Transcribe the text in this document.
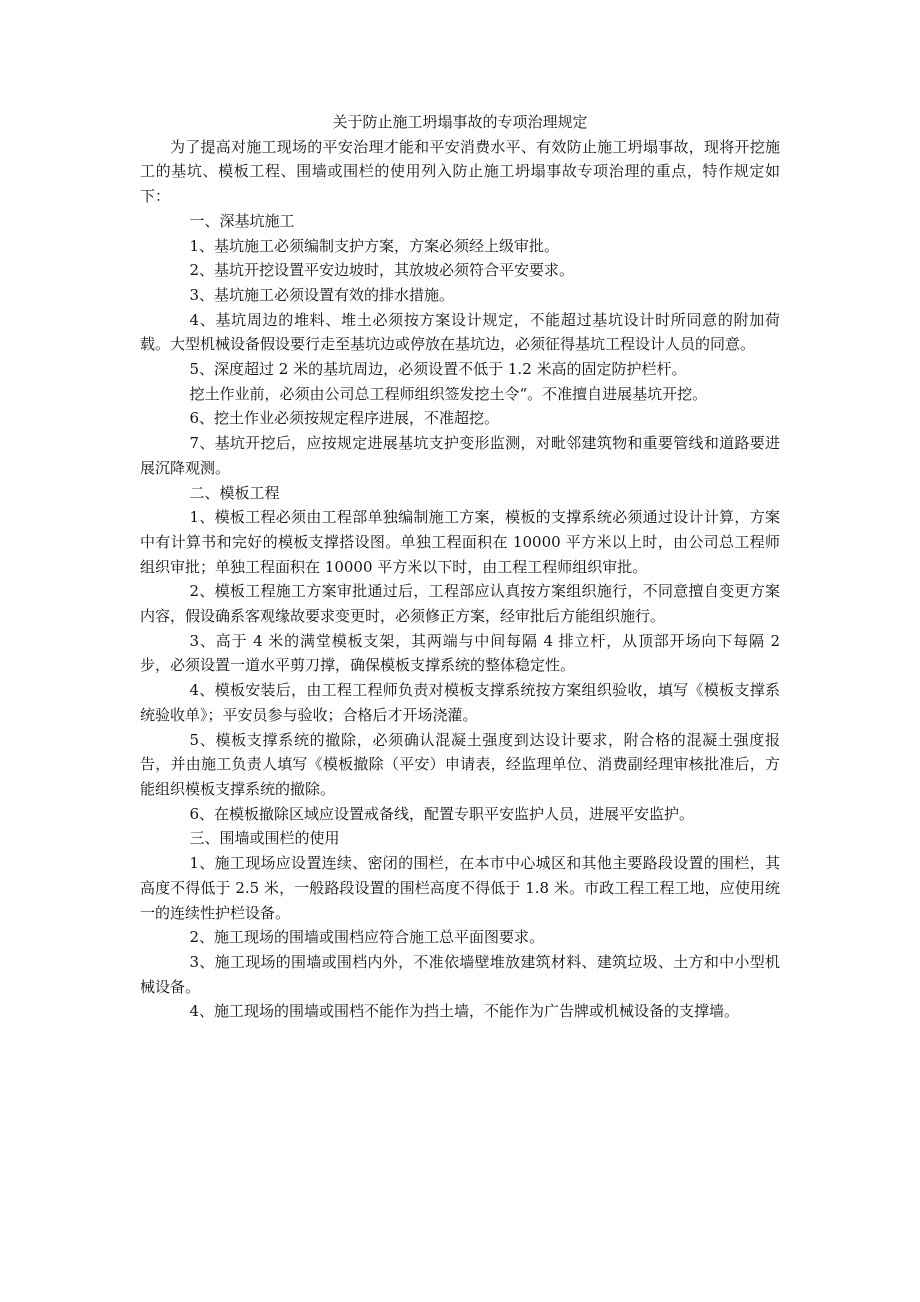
关于防止施工坍塌事故的专项治理规定

为了提高对施工现场的平安治理才能和平安消费水平、有效防止施工坍塌事故，现将开挖施工的基坑、模板工程、围墙或围栏的使用列入防止施工坍塌事故专项治理的重点，特作规定如下：

一、深基坑施工

1、基坑施工必须编制支护方案，方案必须经上级审批。

2、基坑开挖设置平安边坡时，其放坡必须符合平安要求。

3、基坑施工必须设置有效的排水措施。

4、基坑周边的堆料、堆土必须按方案设计规定，不能超过基坑设计时所同意的附加荷载。大型机械设备假设要行走至基坑边或停放在基坑边，必须征得基坑工程设计人员的同意。

5、深度超过 2 米的基坑周边，必须设置不低于 1.2 米高的固定防护栏杆。

挖土作业前，必须由公司总工程师组织签发挖土令“。不准擅自进展基坑开挖。

6、挖土作业必须按规定程序进展，不准超挖。

7、基坑开挖后，应按规定进展基坑支护变形监测，对毗邻建筑物和重要管线和道路要进展沉降观测。

二、模板工程

1、模板工程必须由工程部单独编制施工方案，模板的支撑系统必须通过设计计算，方案中有计算书和完好的模板支撑搭设图。单独工程面积在 10000 平方米以上时，由公司总工程师组织审批；单独工程面积在 10000 平方米以下时，由工程工程师组织审批。

2、模板工程施工方案审批通过后，工程部应认真按方案组织施行，不同意擅自变更方案内容，假设确系客观缘故要求变更时，必须修正方案，经审批后方能组织施行。

3、高于 4 米的满堂模板支架，其两端与中间每隔 4 排立杆，从顶部开场向下每隔 2 步，必须设置一道水平剪刀撑，确保模板支撑系统的整体稳定性。

4、模板安装后，由工程工程师负责对模板支撑系统按方案组织验收，填写《模板支撑系统验收单》；平安员参与验收；合格后才开场浇灌。

5、模板支撑系统的撤除，必须确认混凝土强度到达设计要求，附合格的混凝土强度报告，并由施工负责人填写《模板撤除（平安）申请表，经监理单位、消费副经理审核批准后，方能组织模板支撑系统的撤除。

6、在模板撤除区域应设置戒备线，配置专职平安监护人员，进展平安监护。

三、围墙或围栏的使用

1、施工现场应设置连续、密闭的围栏，在本市中心城区和其他主要路段设置的围栏，其高度不得低于 2.5 米，一般路段设置的围栏高度不得低于 1.8 米。市政工程工程工地，应使用统一的连续性护栏设备。

2、施工现场的围墙或围档应符合施工总平面图要求。

3、施工现场的围墙或围档内外，不准依墙壁堆放建筑材料、建筑垃圾、土方和中小型机械设备。

4、施工现场的围墙或围档不能作为挡土墙，不能作为广告牌或机械设备的支撑墙。
